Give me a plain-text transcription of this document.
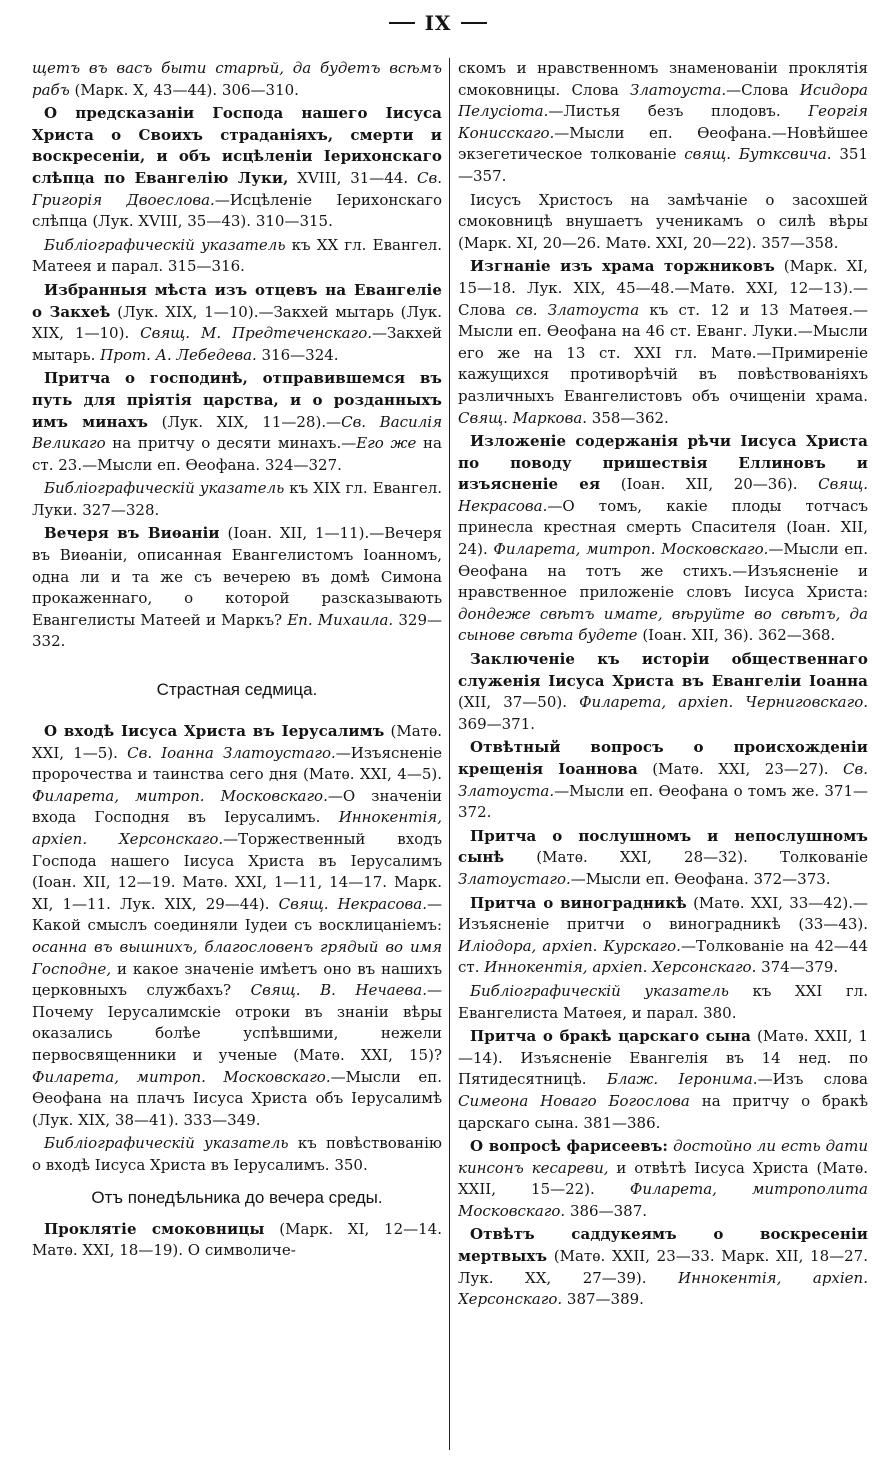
IX

щетъ въ васъ быти старѣй, да будетъ всѣмъ рабъ (Марк. X, 43—44). 306—310.

О предсказаніи Господа нашего Іисуса Христа о Своихъ страданіяхъ, смерти и воскресеніи, и объ исцѣленіи Іерихонскаго слѣпца по Евангелію Луки, XVIII, 31—44. Св. Григорія Двоеслова.—Исцѣленіе Іерихонскаго слѣпца (Лук. XVIII, 35—43). 310—315.

Библіографическій указатель къ XX гл. Евангел. Матеея и парал. 315—316.

Избранныя мѣста изъ отцевъ на Евангеліе о Закхеѣ (Лук. XIX, 1—10).—Закхей мытарь (Лук. XIX, 1—10). Свящ. М. Предтеченскаго.—Закхей мытарь. Прот. А. Лебедева. 316—324.

Притча о господинѣ, отправившемся въ путь для пріятія царства, и о розданныхъ имъ минахъ (Лук. XIX, 11—28).—Св. Василія Великаго на притчу о десяти минахъ.—Его же на ст. 23.—Мысли еп. Ѳеофана. 324—327.

Библіографическій указатель къ XIX гл. Евангел. Луки. 327—328.

Вечеря въ Виѳаніи (Іоан. XII, 1—11).—Вечеря въ Виѳаніи, описанная Евангелистомъ Іоанномъ, одна ли и та же съ вечерею въ домѣ Симона прокаженнаго, о которой разсказывають Евангелисты Матеей и Маркъ? Еп. Михаила. 329—332.

Страстная седмица.

О входѣ Іисуса Христа въ Іерусалимъ (Матѳ. XXI, 1—5). Св. Іоанна Златоустаго.—Изъясненіе пророчества и таинства сего дня (Матѳ. XXI, 4—5). Филарета, митроп. Московскаго.—О значеніи входа Господня въ Іерусалимъ. Иннокентія, архіеп. Херсонскаго.—Торжественный входъ Господа нашего Іисуса Христа въ Іерусалимъ (Іоан. XII, 12—19. Матѳ. XXI, 1—11, 14—17. Марк. XI, 1—11. Лук. XIX, 29—44). Свящ. Некрасова.—Какой смыслъ соединяли Іудеи съ восклицаніемъ: осанна въ вышнихъ, благословенъ грядый во имя Господне, и какое значеніе имѣетъ оно въ нашихъ церковныхъ службахъ? Свящ. В. Нечаева.—Почему Іерусалимскіе отроки въ знаніи вѣры оказались болѣе успѣвшими, нежели первосвященники и ученые (Матѳ. XXI, 15)? Филарета, митроп. Московскаго.—Мысли еп. Ѳеофана на плачъ Іисуса Христа объ Іерусалимѣ (Лук. XIX, 38—41). 333—349.

Библіографическій указатель къ повѣствованію о входѣ Іисуса Христа въ Іерусалимъ. 350.

Отъ понедѣльника до вечера среды.

Проклятіе смоковницы (Марк. XI, 12—14. Матѳ. XXI, 18—19). О символиче-

скомъ и нравственномъ знаменованіи проклятія смоковницы. Слова Златоуста.—Слова Исидора Пелусіота.—Листья безъ плодовъ. Георгія Конисскаго.—Мысли еп. Ѳеофана.—Новѣйшее экзегетическое толкованіе свящ. Бутксвича. 351—357.

Іисусъ Христосъ на замѣчаніе о засохшей смоковницѣ внушаетъ ученикамъ о силѣ вѣры (Марк. XI, 20—26. Матѳ. XXI, 20—22). 357—358.

Изгнаніе изъ храма торжниковъ (Марк. XI, 15—18. Лук. XIX, 45—48.—Матѳ. XXI, 12—13).—Слова св. Златоуста къ ст. 12 и 13 Матѳея.—Мысли еп. Ѳеофана на 46 ст. Еванг. Луки.—Мысли его же на 13 ст. XXI гл. Матѳ.—Примиреніе кажущихся противорѣчій въ повѣствованіяхъ различныхъ Евангелистовъ объ очищеніи храма. Свящ. Маркова. 358—362.

Изложеніе содержанія рѣчи Іисуса Христа по поводу пришествія Еллиновъ и изъясненіе ея (Іоан. XII, 20—36). Свящ. Некрасова.—О томъ, какіе плоды тотчасъ принесла крестная смерть Спасителя (Іоан. XII, 24). Филарета, митроп. Московскаго.—Мысли еп. Ѳеофана на тотъ же стихъ.—Изъясненіе и нравственное приложеніе словъ Іисуса Христа: дондеже свѣтъ имате, вѣруйте во свѣтъ, да сынове свѣта будете (Іоан. XII, 36). 362—368.

Заключеніе къ исторіи общественнаго служенія Іисуса Христа въ Евангеліи Іоанна (XII, 37—50). Филарета, архіеп. Черниговскаго. 369—371.

Отвѣтный вопросъ о происхожденіи крещенія Іоаннова (Матѳ. XXI, 23—27). Св. Златоуста.—Мысли еп. Ѳеофана о томъ же. 371—372.

Притча о послушномъ и непослушномъ сынѣ (Матѳ. XXI, 28—32). Толкованіе Златоустаго.—Мысли еп. Ѳеофана. 372—373.

Притча о виноградникѣ (Матѳ. XXI, 33—42).—Изъясненіе притчи о виноградникѣ (33—43). Иліодора, архіеп. Курскаго.—Толкованіе на 42—44 ст. Иннокентія, архіеп. Херсонскаго. 374—379.

Библіографическій указатель къ XXI гл. Евангелиста Матѳея, и парал. 380.

Притча о бракѣ царскаго сына (Матѳ. XXII, 1—14). Изъясненіе Евангелія въ 14 нед. по Пятидесятницѣ. Блаж. Іеронима.—Изъ слова Симеона Новаго Богослова на притчу о бракѣ царскаго сына. 381—386.

О вопросѣ фарисеевъ: достойно ли есть дати кинсонъ кесареви, и отвѣтѣ Іисуса Христа (Матѳ. XXII, 15—22). Филарета, митрополита Московскаго. 386—387.

Отвѣтъ саддукеямъ о воскресеніи мертвыхъ (Матѳ. XXII, 23—33. Марк. XII, 18—27. Лук. XX, 27—39). Иннокентія, архіеп. Херсонскаго. 387—389.
